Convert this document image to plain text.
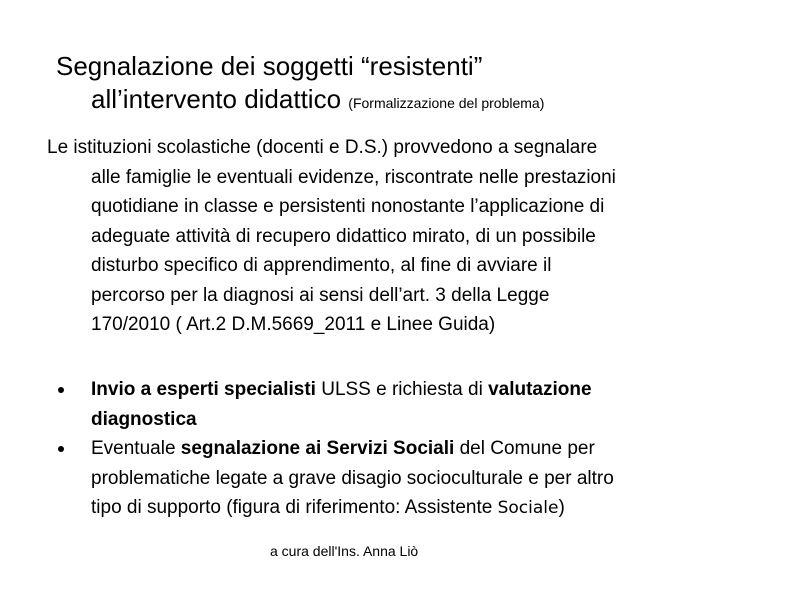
Segnalazione dei soggetti “resistenti”
all’intervento didattico (Formalizzazione del problema)
Le istituzioni scolastiche (docenti e D.S.) provvedono a segnalare
alle famiglie le eventuali evidenze, riscontrate nelle prestazioni
quotidiane in classe e persistenti nonostante l’applicazione di
adeguate attività di recupero didattico mirato, di un possibile
disturbo specifico di apprendimento, al fine di avviare il
percorso per la diagnosi ai sensi dell’art. 3 della Legge
170/2010 ( Art.2 D.M.5669_2011 e Linee Guida)
Invio a esperti specialisti ULSS e richiesta di valutazione
diagnostica
Eventuale segnalazione ai Servizi Sociali del Comune per
problematiche legate a grave disagio socioculturale e per altro
tipo di supporto (figura di riferimento: Assistente Sociale)
a cura dell'Ins. Anna Liò
